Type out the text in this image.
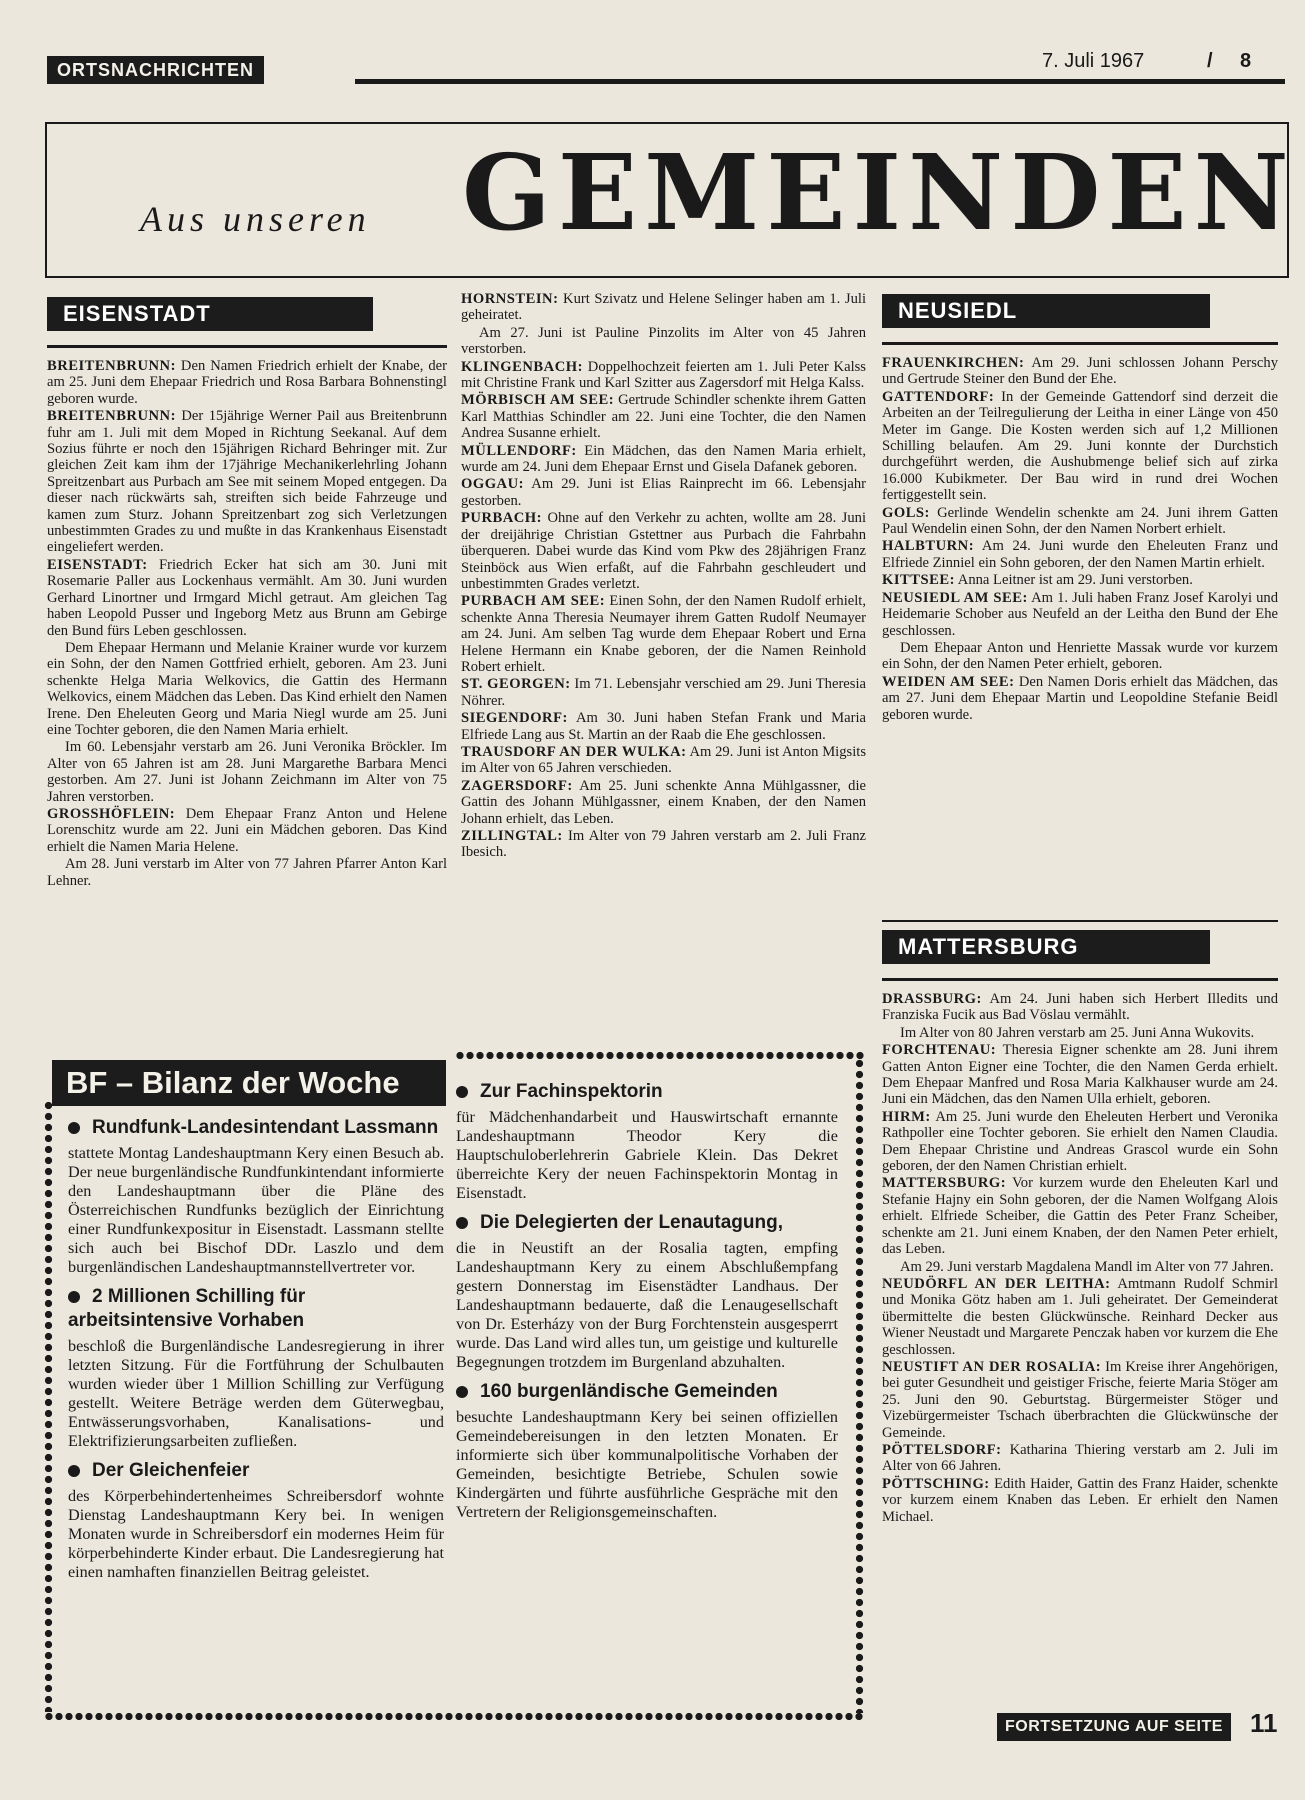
ORTSNACHRICHTEN	7. Juli 1967	/ 8
Aus unseren GEMEINDEN
EISENSTADT

BREITENBRUNN: Den Namen Friedrich erhielt der Knabe, der am 25. Juni dem Ehepaar Friedrich und Rosa Barbara Bohnenstingl geboren wurde.

BREITENBRUNN: Der 15jährige Werner Pail aus Breitenbrunn fuhr am 1. Juli mit dem Moped in Richtung Seekanal. Auf dem Sozius führte er noch den 15jährigen Richard Behringer mit. Zur gleichen Zeit kam ihm der 17jährige Mechanikerlehrling Johann Spreitzenbart aus Purbach am See mit seinem Moped entgegen. Da dieser nach rückwärts sah, streiften sich beide Fahrzeuge und kamen zum Sturz. Johann Spreitzenbart zog sich Verletzungen unbestimmten Grades zu und mußte in das Krankenhaus Eisenstadt eingeliefert werden.

EISENSTADT: Friedrich Ecker hat sich am 30. Juni mit Rosemarie Paller aus Lockenhaus vermählt. Am 30. Juni wurden Gerhard Linortner und Irmgard Michl getraut. Am gleichen Tag haben Leopold Pusser und Ingeborg Metz aus Brunn am Gebirge den Bund fürs Leben geschlossen.

Dem Ehepaar Hermann und Melanie Krainer wurde vor kurzem ein Sohn, der den Namen Gottfried erhielt, geboren. Am 23. Juni schenkte Helga Maria Welkovics, die Gattin des Hermann Welkovics, einem Mädchen das Leben. Das Kind erhielt den Namen Irene. Den Eheleuten Georg und Maria Niegl wurde am 25. Juni eine Tochter geboren, die den Namen Maria erhielt.

Im 60. Lebensjahr verstarb am 26. Juni Veronika Bröckler. Im Alter von 65 Jahren ist am 28. Juni Margarethe Barbara Menci gestorben. Am 27. Juni ist Johann Zeichmann im Alter von 75 Jahren verstorben.

GROSSHÖFLEIN: Dem Ehepaar Franz Anton und Helene Lorenschitz wurde am 22. Juni ein Mädchen geboren. Das Kind erhielt die Namen Maria Helene.

Am 28. Juni verstarb im Alter von 77 Jahren Pfarrer Anton Karl Lehner.

HORNSTEIN: Kurt Szivatz und Helene Selinger haben am 1. Juli geheiratet.

Am 27. Juni ist Pauline Pinzolits im Alter von 45 Jahren verstorben.

KLINGENBACH: Doppelhochzeit feierten am 1. Juli Peter Kalss mit Christine Frank und Karl Szitter aus Zagersdorf mit Helga Kalss.

MÖRBISCH AM SEE: Gertrude Schindler schenkte ihrem Gatten Karl Matthias Schindler am 22. Juni eine Tochter, die den Namen Andrea Susanne erhielt.

MÜLLENDORF: Ein Mädchen, das den Namen Maria erhielt, wurde am 24. Juni dem Ehepaar Ernst und Gisela Dafanek geboren.

OGGAU: Am 29. Juni ist Elias Rainprecht im 66. Lebensjahr gestorben.

PURBACH: Ohne auf den Verkehr zu achten, wollte am 28. Juni der dreijährige Christian Gstettner aus Purbach die Fahrbahn überqueren. Dabei wurde das Kind vom Pkw des 28jährigen Franz Steinböck aus Wien erfaßt, auf die Fahrbahn geschleudert und unbestimmten Grades verletzt.

PURBACH AM SEE: Einen Sohn, der den Namen Rudolf erhielt, schenkte Anna Theresia Neumayer ihrem Gatten Rudolf Neumayer am 24. Juni. Am selben Tag wurde dem Ehepaar Robert und Erna Helene Hermann ein Knabe geboren, der die Namen Reinhold Robert erhielt.

ST. GEORGEN: Im 71. Lebensjahr verschied am 29. Juni Theresia Nöhrer.

SIEGENDORF: Am 30. Juni haben Stefan Frank und Maria Elfriede Lang aus St. Martin an der Raab die Ehe geschlossen.

TRAUSDORF AN DER WULKA: Am 29. Juni ist Anton Migsits im Alter von 65 Jahren verschieden.

ZAGERSDORF: Am 25. Juni schenkte Anna Mühlgassner, die Gattin des Johann Mühlgassner, einem Knaben, der den Namen Johann erhielt, das Leben.

ZILLINGTAL: Im Alter von 79 Jahren verstarb am 2. Juli Franz Ibesich.

NEUSIEDL

FRAUENKIRCHEN: Am 29. Juni schlossen Johann Perschy und Gertrude Steiner den Bund der Ehe.

GATTENDORF: In der Gemeinde Gattendorf sind derzeit die Arbeiten an der Teilregulierung der Leitha in einer Länge von 450 Meter im Gange. Die Kosten werden sich auf 1,2 Millionen Schilling belaufen. Am 29. Juni konnte der Durchstich durchgeführt werden, die Aushubmenge belief sich auf zirka 16.000 Kubikmeter. Der Bau wird in rund drei Wochen fertiggestellt sein.

GOLS: Gerlinde Wendelin schenkte am 24. Juni ihrem Gatten Paul Wendelin einen Sohn, der den Namen Norbert erhielt.

HALBTURN: Am 24. Juni wurde den Eheleuten Franz und Elfriede Zinniel ein Sohn geboren, der den Namen Martin erhielt.

KITTSEE: Anna Leitner ist am 29. Juni verstorben.

NEUSIEDL AM SEE: Am 1. Juli haben Franz Josef Karolyi und Heidemarie Schober aus Neufeld an der Leitha den Bund der Ehe geschlossen.

Dem Ehepaar Anton und Henriette Massak wurde vor kurzem ein Sohn, der den Namen Peter erhielt, geboren.

WEIDEN AM SEE: Den Namen Doris erhielt das Mädchen, das am 27. Juni dem Ehepaar Martin und Leopoldine Stefanie Beidl geboren wurde.

MATTERSBURG

DRASSBURG: Am 24. Juni haben sich Herbert Illedits und Franziska Fucik aus Bad Vöslau vermählt.

Im Alter von 80 Jahren verstarb am 25. Juni Anna Wukovits.

FORCHTENAU: Theresia Eigner schenkte am 28. Juni ihrem Gatten Anton Eigner eine Tochter, die den Namen Gerda erhielt. Dem Ehepaar Manfred und Rosa Maria Kalkhauser wurde am 24. Juni ein Mädchen, das den Namen Ulla erhielt, geboren.

HIRM: Am 25. Juni wurde den Eheleuten Herbert und Veronika Rathpoller eine Tochter geboren. Sie erhielt den Namen Claudia. Dem Ehepaar Christine und Andreas Grascol wurde ein Sohn geboren, der den Namen Christian erhielt.

MATTERSBURG: Vor kurzem wurde den Eheleuten Karl und Stefanie Hajny ein Sohn geboren, der die Namen Wolfgang Alois erhielt. Elfriede Scheiber, die Gattin des Peter Franz Scheiber, schenkte am 21. Juni einem Knaben, der den Namen Peter erhielt, das Leben.

Am 29. Juni verstarb Magdalena Mandl im Alter von 77 Jahren.

NEUDÖRFL AN DER LEITHA: Amtmann Rudolf Schmirl und Monika Götz haben am 1. Juli geheiratet. Der Gemeinderat übermittelte die besten Glückwünsche. Reinhard Decker aus Wiener Neustadt und Margarete Penczak haben vor kurzem die Ehe geschlossen.

NEUSTIFT AN DER ROSALIA: Im Kreise ihrer Angehörigen, bei guter Gesundheit und geistiger Frische, feierte Maria Stöger am 25. Juni den 90. Geburtstag. Bürgermeister Stöger und Vizebürgermeister Tschach überbrachten die Glückwünsche der Gemeinde.

PÖTTELSDORF: Katharina Thiering verstarb am 2. Juli im Alter von 66 Jahren.

PÖTTSCHING: Edith Haider, Gattin des Franz Haider, schenkte vor kurzem einem Knaben das Leben. Er erhielt den Namen Michael.

BF – Bilanz der Woche
Rundfunk-Landesintendant Lassmann
stattete Montag Landeshauptmann Kery einen Besuch ab. Der neue burgenländische Rundfunkintendant informierte den Landeshauptmann über die Pläne des Österreichischen Rundfunks bezüglich der Einrichtung einer Rundfunkexpositur in Eisenstadt. Lassmann stellte sich auch bei Bischof DDr. Laszlo und dem burgenländischen Landeshauptmannstellvertreter vor.
2 Millionen Schilling für arbeitsintensive Vorhaben
beschloß die Burgenländische Landesregierung in ihrer letzten Sitzung. Für die Fortführung der Schulbauten wurden wieder über 1 Million Schilling zur Verfügung gestellt. Weitere Beträge werden dem Güterwegbau, Entwässerungsvorhaben, Kanalisations- und Elektrifizierungsarbeiten zufließen.
Der Gleichenfeier
des Körperbehindertenheimes Schreibersdorf wohnte Dienstag Landeshauptmann Kery bei. In wenigen Monaten wurde in Schreibersdorf ein modernes Heim für körperbehinderte Kinder erbaut. Die Landesregierung hat einen namhaften finanziellen Beitrag geleistet.
Zur Fachinspektorin
für Mädchenhandarbeit und Hauswirtschaft ernannte Landeshauptmann Theodor Kery die Hauptschuloberlehrerin Gabriele Klein. Das Dekret überreichte Kery der neuen Fachinspektorin Montag in Eisenstadt.
Die Delegierten der Lenautagung,
die in Neustift an der Rosalia tagten, empfing Landeshauptmann Kery zu einem Abschlußempfang gestern Donnerstag im Eisenstädter Landhaus. Der Landeshauptmann bedauerte, daß die Lenaugesellschaft von Dr. Esterházy von der Burg Forchtenstein ausgesperrt wurde. Das Land wird alles tun, um geistige und kulturelle Begegnungen trotzdem im Burgenland abzuhalten.
160 burgenländische Gemeinden
besuchte Landeshauptmann Kery bei seinen offiziellen Gemeindebereisungen in den letzten Monaten. Er informierte sich über kommunalpolitische Vorhaben der Gemeinden, besichtigte Betriebe, Schulen sowie Kindergärten und führte ausführliche Gespräche mit den Vertretern der Religionsgemeinschaften.
FORTSETZUNG AUF SEITE	11
